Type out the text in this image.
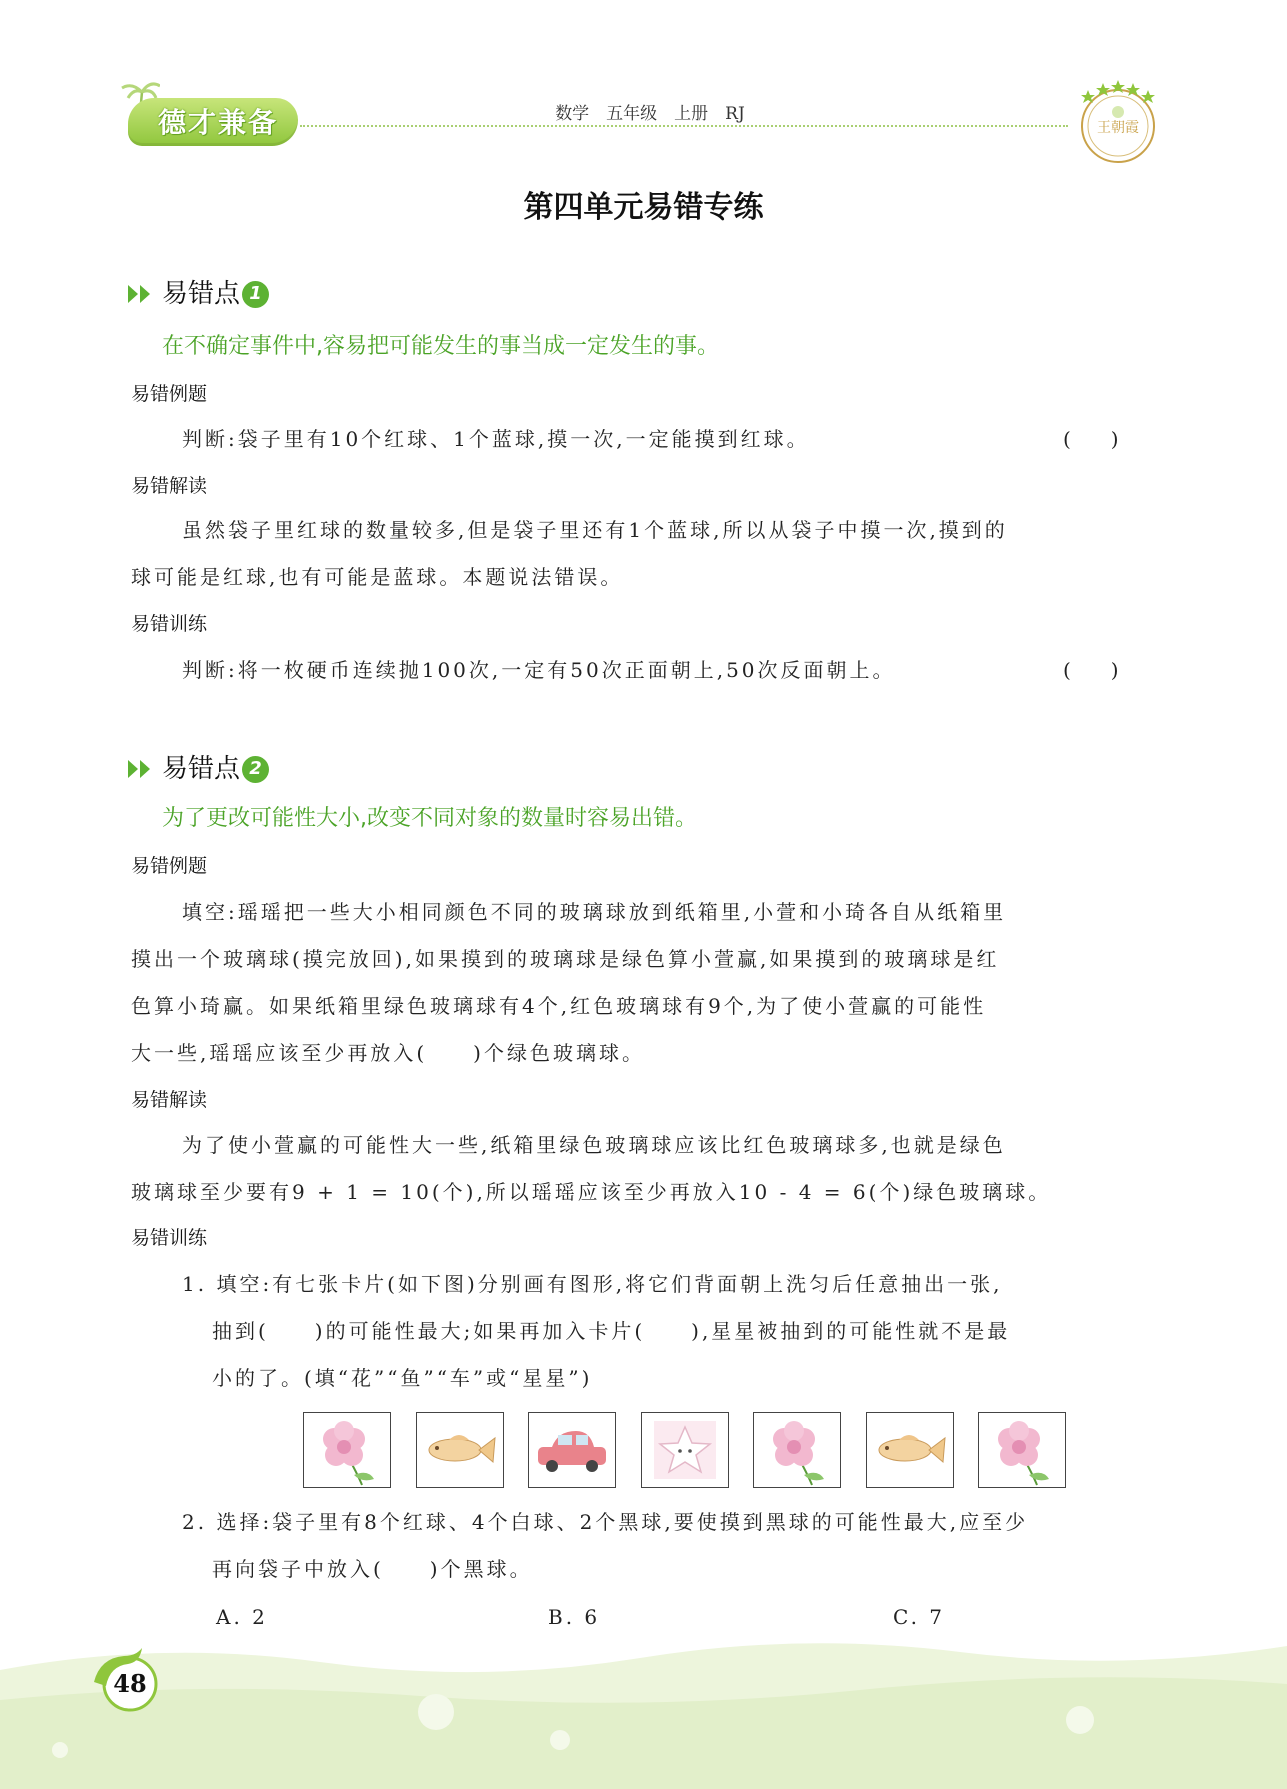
德才兼备	数学　五年级　上册　RJ
王朝霞
第四单元易错专练
易错点 1
在不确定事件中,容易把可能发生的事当成一定发生的事。
易错例题
判断:袋子里有10个红球、1个蓝球,摸一次,一定能摸到红球。	(　　)
易错解读
虽然袋子里红球的数量较多,但是袋子里还有1个蓝球,所以从袋子中摸一次,摸到的
球可能是红球,也有可能是蓝球。本题说法错误。
易错训练
判断:将一枚硬币连续抛100次,一定有50次正面朝上,50次反面朝上。	(　　)
易错点 2
为了更改可能性大小,改变不同对象的数量时容易出错。
易错例题
填空:瑶瑶把一些大小相同颜色不同的玻璃球放到纸箱里,小萱和小琦各自从纸箱里
摸出一个玻璃球(摸完放回),如果摸到的玻璃球是绿色算小萱赢,如果摸到的玻璃球是红
色算小琦赢。如果纸箱里绿色玻璃球有4个,红色玻璃球有9个,为了使小萱赢的可能性
大一些,瑶瑶应该至少再放入(　　)个绿色玻璃球。
易错解读
为了使小萱赢的可能性大一些,纸箱里绿色玻璃球应该比红色玻璃球多,也就是绿色
玻璃球至少要有9 + 1 = 10(个),所以瑶瑶应该至少再放入10 - 4 = 6(个)绿色玻璃球。
易错训练
1. 填空:有七张卡片(如下图)分别画有图形,将它们背面朝上洗匀后任意抽出一张,
抽到(　　)的可能性最大;如果再加入卡片(　　),星星被抽到的可能性就不是最
小的了。(填“花”“鱼”“车”或“星星”)
2. 选择:袋子里有8个红球、4个白球、2个黑球,要使摸到黑球的可能性最大,应至少
再向袋子中放入(　　)个黑球。
A. 2	B. 6	C. 7
48
